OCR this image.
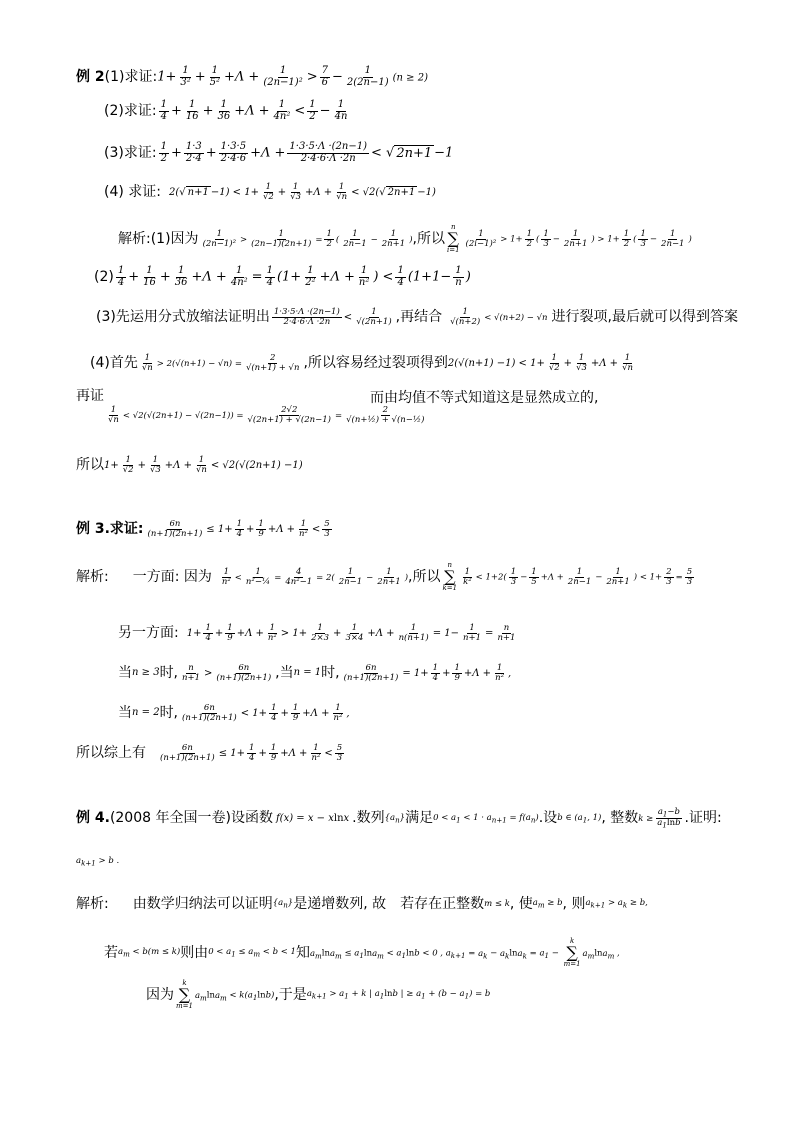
例 2 (1)求证: $1+ \frac{1}{\text{3²}} + \frac{1}{\text{5²}} +\Lambda + \frac{1}{\text{(2n−1)²}} > \frac{7}{6} - \frac{1}{2(2n-1)} (n \ge 2)$
(2)求证: $\frac{1}{4} + \frac{1}{16} + \frac{1}{36} +\Lambda + \frac{1}{\text{4n²}} < \frac{1}{2} - \frac{1}{4n}$
(3)求证: $\frac{1}{2} + \frac{1\cdot 3}{2\cdot 4} + \frac{1\cdot 3\cdot 5}{2\cdot 4\cdot 6} +\Lambda + \frac{1\cdot 3\cdot 5\cdot\Lambda \cdot(2n-1)}{2\cdot 4\cdot 6\cdot\Lambda \cdot 2n}$ < √ 2n+1 −1
(4) 求证: 2(√ $n+1 -1) < 1+ \frac{1}{√2} + \frac{1}{√3} +\Lambda + \frac{1}{√n} < √2(√$ 2n+1 −1)
解析:(1)因为 $\frac{1}{\text{(2n−1)²}} > \frac{1}{(2n-1)(2n+1)} = \frac{1}{2}$ ( $\frac{1}{2n-1} - \frac{1}{2n+1}$ ) ,所以
n
∑
i=1
$\frac{1}{\text{(2i−1)²}} > 1+ \frac{1}{2}$ ( $\frac{1}{3} - \frac{1}{2n+1}$ ) > $1+ \frac{1}{2}$ ( $\frac{1}{3} - \frac{1}{2n-1}$ )
$(2) \frac{1}{4} + \frac{1}{16} + \frac{1}{36} +\Lambda + \frac{1}{\text{4n²}} = \frac{1}{4} (1+ \frac{1}{\text{2²}} +\Lambda + \frac{1}{\text{n²}}$ ) < $\frac{1}{4} (1+1- \frac{1}{n}$ )
(3)先运用分式放缩法证明出 $\frac{1\cdot 3\cdot 5\cdot\Lambda \cdot(2n-1)}{2\cdot 4\cdot 6\cdot\Lambda \cdot 2n} < \frac{1}{√(2n+1)}$ ,再结合 $\frac{1}{√(n+2)} < √(n+2) - √n$ 进行裂项,最后就可以得到答案
(4)首先 $\frac{1}{√n} > 2(√(n+1) - √n) = \frac{2}{√(n+1) + √n}$ ,所以容易经过裂项得到 $2(√(n+1) -1) < 1+ \frac{1}{√2} + \frac{1}{√3} +\Lambda + \frac{1}{√n}$
再证
$\frac{1}{√n} < √2(√(2n+1) - √(2n-1)) = \frac{2√2}{√(2n+1) + √(2n-1)} = \frac{2}{\text{√(n+½) + √(n−½)}}$
而由均值不等式知道这是显然成立的,
所以 $1+ \frac{1}{√2} + \frac{1}{√3} +\Lambda + \frac{1}{√n} < √2(√(2n+1) -1)$
例 3.求证: $\frac{6n}{(n+1)(2n+1)} \le 1+ \frac{1}{4} + \frac{1}{9} +\Lambda + \frac{1}{\text{n²}} < \frac{5}{3}$
解析: 一方面: 因为 $\frac{1}{\text{n²}} < \frac{1}{\text{n²−¼}} = \frac{4}{\text{4n²−1}} = 2( \frac{1}{2n-1} - \frac{1}{2n+1}$ ) ,所以
n
∑
k=1
$\frac{1}{\text{k²}} < 1+2( \frac{1}{3} - \frac{1}{5} +\Lambda + \frac{1}{2n-1} - \frac{1}{2n+1}$ ) < $1+ \frac{2}{3} = \frac{5}{3}$
另一方面: $1+ \frac{1}{4} + \frac{1}{9} +\Lambda + \frac{1}{\text{n²}} > 1+ \frac{1}{2\times 3} + \frac{1}{3\times 4} +\Lambda + \frac{1}{n(n+1)} = 1- \frac{1}{n+1} = \frac{n}{n+1}$
当 n ≥ 3 时, $\frac{n}{n+1} > \frac{6n}{(n+1)(2n+1)}$ ,当 n = 1 时, $\frac{6n}{(n+1)(2n+1)} = 1+ \frac{1}{4} + \frac{1}{9} +\Lambda + \frac{1}{\text{n²}}$ ,
当 n = 2 时, $\frac{6n}{(n+1)(2n+1)} < 1+ \frac{1}{4} + \frac{1}{9} +\Lambda + \frac{1}{\text{n²}}$ ,
所以综上有 $\frac{6n}{(n+1)(2n+1)} \le 1+ \frac{1}{4} + \frac{1}{9} +\Lambda + \frac{1}{\text{n²}} < \frac{5}{3}$
例 4. (2008 年全国一卷)设函数 f(x) = x − xlnx .数列 $\{a_n\}$ 满足 $0 < a_1 < 1 \cdot a_{n+1} = f(a_n)$ .设 b ∈ ($a_1$, 1) , 整数 $k \ge \frac{a_1-b}{a_1\ln b}$ .证明:
$a_{k+1} > b$ .
解析: 由数学归纳法可以证明 $\{a_n\}$ 是递增数列, 故　若存在正整数 m ≤ k , 使 $a_m \ge b$ , 则 $a_{k+1} > a_k \ge b$,
若 $a_m < b(m \le k)$ 则由 $0 < a_1 \le a_m < b < 1$ 知 $a_m\ln a_m \le a_1\ln a_m < a_1\ln b < 0$ , $a_{k+1} = a_k - a_k\ln a_k = a_1$ −
k
∑
m=1
$a_m\ln a_m$ ,
因为
k
∑
m=1
$a_m\ln a_m < k(a_1\ln b)$ ,于是 $a_{k+1} > a_1 + k$ | $a_1\ln b$ | ≥ $a_1 + (b - a_1) = b$
